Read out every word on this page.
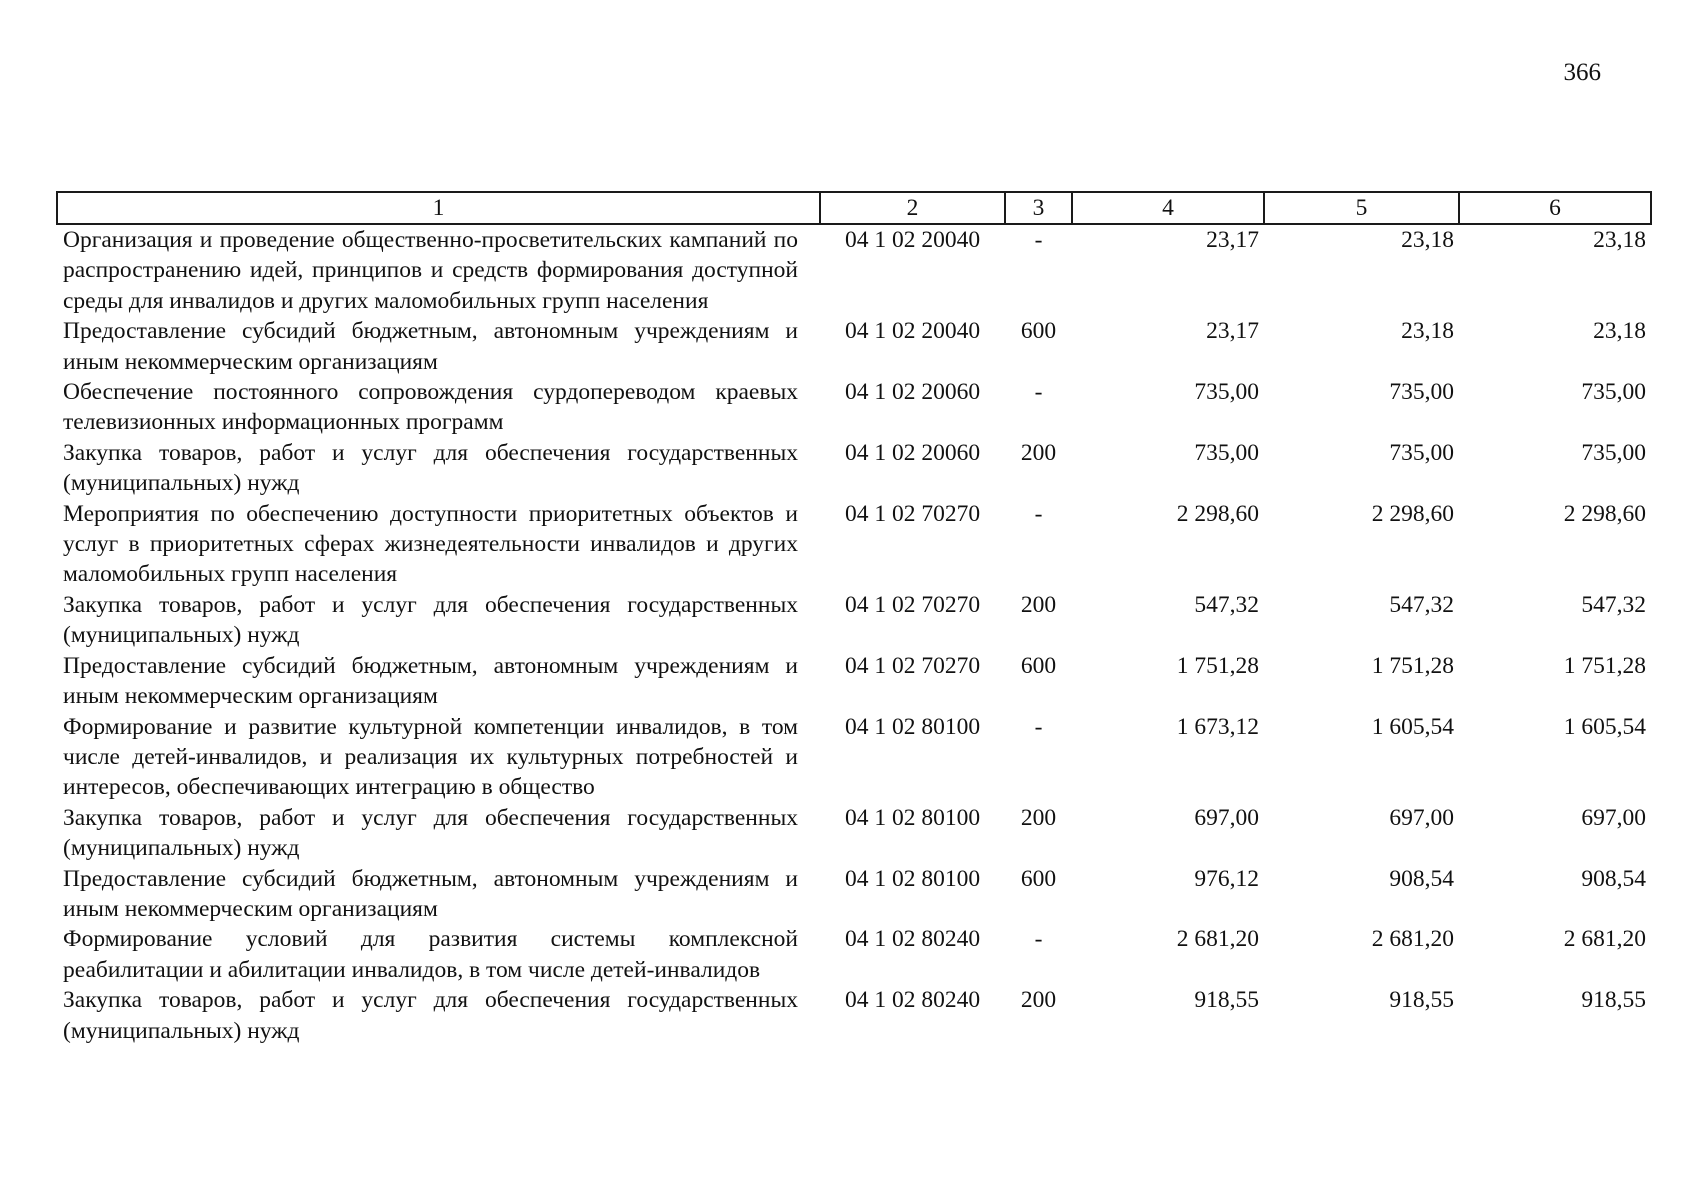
366
1	2	3	4	5	6
Организация и проведение общественно-просветительских кампаний по распространению идей, принципов и средств формирования доступной среды для инвалидов и других маломобильных групп населения	04 1 02 20040	-	23,17	23,18	23,18
Предоставление субсидий бюджетным, автономным учреждениям и иным некоммерческим организациям	04 1 02 20040	600	23,17	23,18	23,18
Обеспечение постоянного сопровождения сурдопереводом краевых телевизионных информационных программ	04 1 02 20060	-	735,00	735,00	735,00
Закупка товаров, работ и услуг для обеспечения государственных (муниципальных) нужд	04 1 02 20060	200	735,00	735,00	735,00
Мероприятия по обеспечению доступности приоритетных объектов и услуг в приоритетных сферах жизнедеятельности инвалидов и других маломобильных групп населения	04 1 02 70270	-	2 298,60	2 298,60	2 298,60
Закупка товаров, работ и услуг для обеспечения государственных (муниципальных) нужд	04 1 02 70270	200	547,32	547,32	547,32
Предоставление субсидий бюджетным, автономным учреждениям и иным некоммерческим организациям	04 1 02 70270	600	1 751,28	1 751,28	1 751,28
Формирование и развитие культурной компетенции инвалидов, в том числе детей-инвалидов, и реализация их культурных потребностей и интересов, обеспечивающих интеграцию в общество	04 1 02 80100	-	1 673,12	1 605,54	1 605,54
Закупка товаров, работ и услуг для обеспечения государственных (муниципальных) нужд	04 1 02 80100	200	697,00	697,00	697,00
Предоставление субсидий бюджетным, автономным учреждениям и иным некоммерческим организациям	04 1 02 80100	600	976,12	908,54	908,54
Формирование условий для развития системы комплексной реабилитации и абилитации инвалидов, в том числе детей-инвалидов	04 1 02 80240	-	2 681,20	2 681,20	2 681,20
Закупка товаров, работ и услуг для обеспечения государственных (муниципальных) нужд	04 1 02 80240	200	918,55	918,55	918,55
